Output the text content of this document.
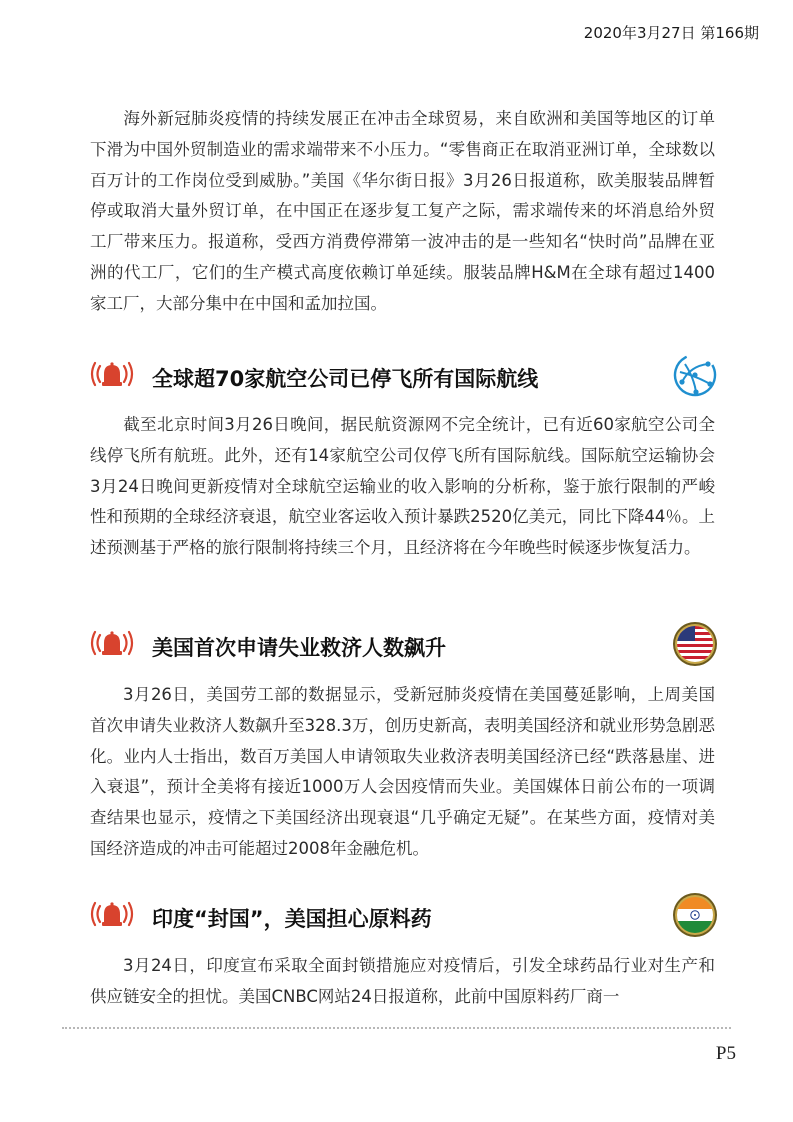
2020年3月27日 第166期

海外新冠肺炎疫情的持续发展正在冲击全球贸易，来自欧洲和美国等地区的订单下滑为中国外贸制造业的需求端带来不小压力。“零售商正在取消亚洲订单，全球数以百万计的工作岗位受到威胁。”美国《华尔街日报》3月26日报道称，欧美服装品牌暂停或取消大量外贸订单，在中国正在逐步复工复产之际，需求端传来的坏消息给外贸工厂带来压力。报道称，受西方消费停滞第一波冲击的是一些知名“快时尚”品牌在亚洲的代工厂，它们的生产模式高度依赖订单延续。服装品牌H&M在全球有超过1400家工厂，大部分集中在中国和孟加拉国。

全球超70家航空公司已停飞所有国际航线

截至北京时间3月26日晚间，据民航资源网不完全统计，已有近60家航空公司全线停飞所有航班。此外，还有14家航空公司仅停飞所有国际航线。国际航空运输协会3月24日晚间更新疫情对全球航空运输业的收入影响的分析称，鉴于旅行限制的严峻性和预期的全球经济衰退，航空业客运收入预计暴跌2520亿美元，同比下降44％。上述预测基于严格的旅行限制将持续三个月，且经济将在今年晚些时候逐步恢复活力。

美国首次申请失业救济人数飙升

3月26日，美国劳工部的数据显示，受新冠肺炎疫情在美国蔓延影响，上周美国首次申请失业救济人数飙升至328.3万，创历史新高，表明美国经济和就业形势急剧恶化。业内人士指出，数百万美国人申请领取失业救济表明美国经济已经“跌落悬崖、进入衰退”，预计全美将有接近1000万人会因疫情而失业。美国媒体日前公布的一项调查结果也显示，疫情之下美国经济出现衰退“几乎确定无疑”。在某些方面，疫情对美国经济造成的冲击可能超过2008年金融危机。

印度“封国”，美国担心原料药

3月24日，印度宣布采取全面封锁措施应对疫情后，引发全球药品行业对生产和供应链安全的担忧。美国CNBC网站24日报道称，此前中国原料药厂商一

P5
